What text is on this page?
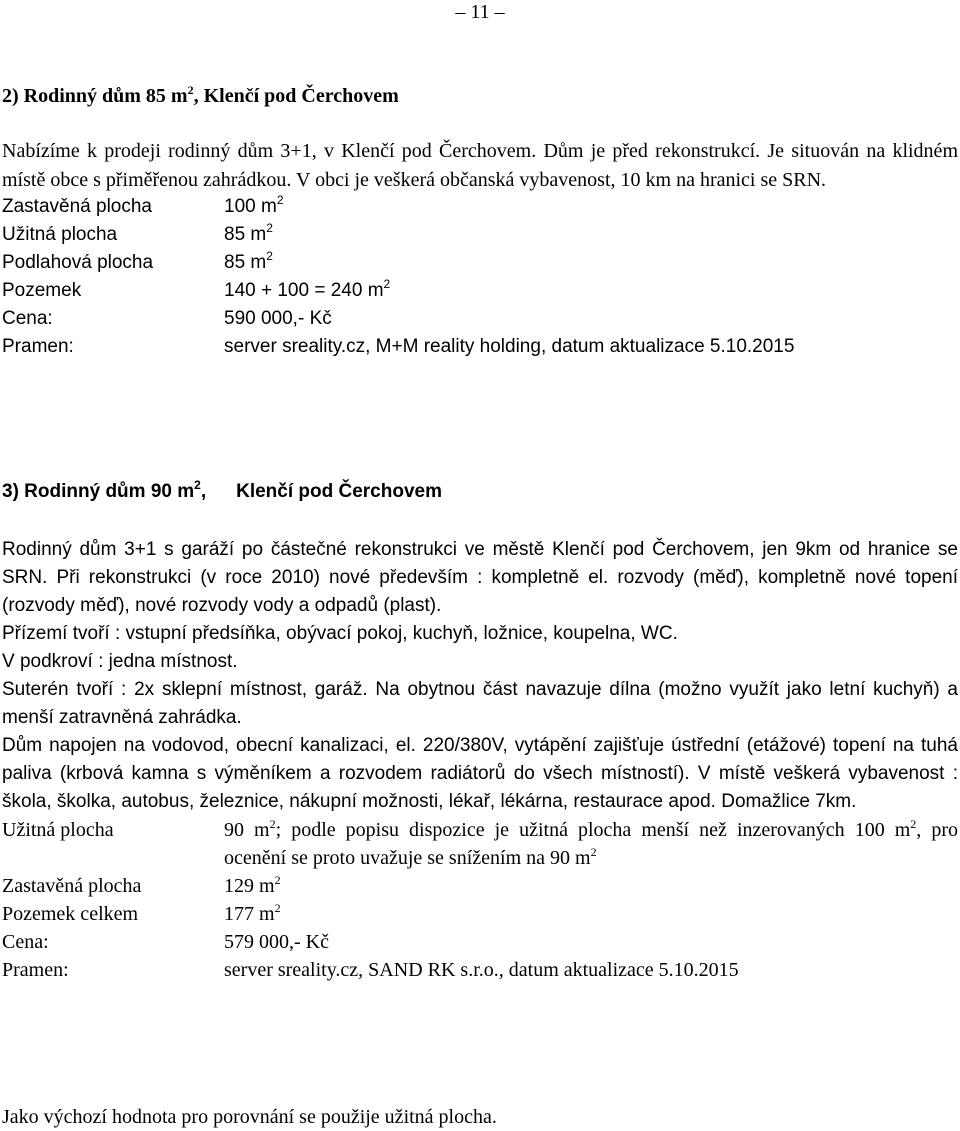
– 11 –
2) Rodinný dům 85 $m^2$, Klenčí pod Čerchovem

Nabízíme k prodeji rodinný dům 3+1, v Klenčí pod Čerchovem. Dům je před rekonstrukcí. Je situován na klidném místě obce s přiměřenou zahrádkou. V obci je veškerá občanská vybavenost, 10 km na hranici se SRN.

Zastavěná plocha	100 $m^2$
Užitná plocha	85 $m^2$
Podlahová plocha	85 $m^2$
Pozemek	140 + 100 = 240 $m^2$
Cena:	590 000,- Kč
Pramen:	server sreality.cz, M+M reality holding, datum aktualizace 5.10.2015
3) Rodinný dům 90 $m^2$, Klenčí pod Čerchovem

Rodinný dům 3+1 s garáží po částečné rekonstrukci ve městě Klenčí pod Čerchovem, jen 9km od hranice se SRN. Při rekonstrukci (v roce 2010) nové především : kompletně el. rozvody (měď), kompletně nové topení (rozvody měď), nové rozvody vody a odpadů (plast).

Přízemí tvoří : vstupní předsíňka, obývací pokoj, kuchyň, ložnice, koupelna, WC.

V podkroví : jedna místnost.

Suterén tvoří : 2x sklepní místnost, garáž. Na obytnou část navazuje dílna (možno využít jako letní kuchyň) a menší zatravněná zahrádka.

Dům napojen na vodovod, obecní kanalizaci, el. 220/380V, vytápění zajišťuje ústřední (etážové) topení na tuhá paliva (krbová kamna s výměníkem a rozvodem radiátorů do všech místností). V místě veškerá vybavenost : škola, školka, autobus, železnice, nákupní možnosti, lékař, lékárna, restaurace apod. Domažlice 7km.

Užitná plocha	90 $m^2$; podle popisu dispozice je užitná plocha menší než inzerovaných 100 $m^2$, pro ocenění se proto uvažuje se snížením na 90 $m^2$
Zastavěná plocha	129 $m^2$
Pozemek celkem	177 $m^2$
Cena:	579 000,- Kč
Pramen:	server sreality.cz, SAND RK s.r.o., datum aktualizace 5.10.2015
Jako výchozí hodnota pro porovnání se použije užitná plocha.
